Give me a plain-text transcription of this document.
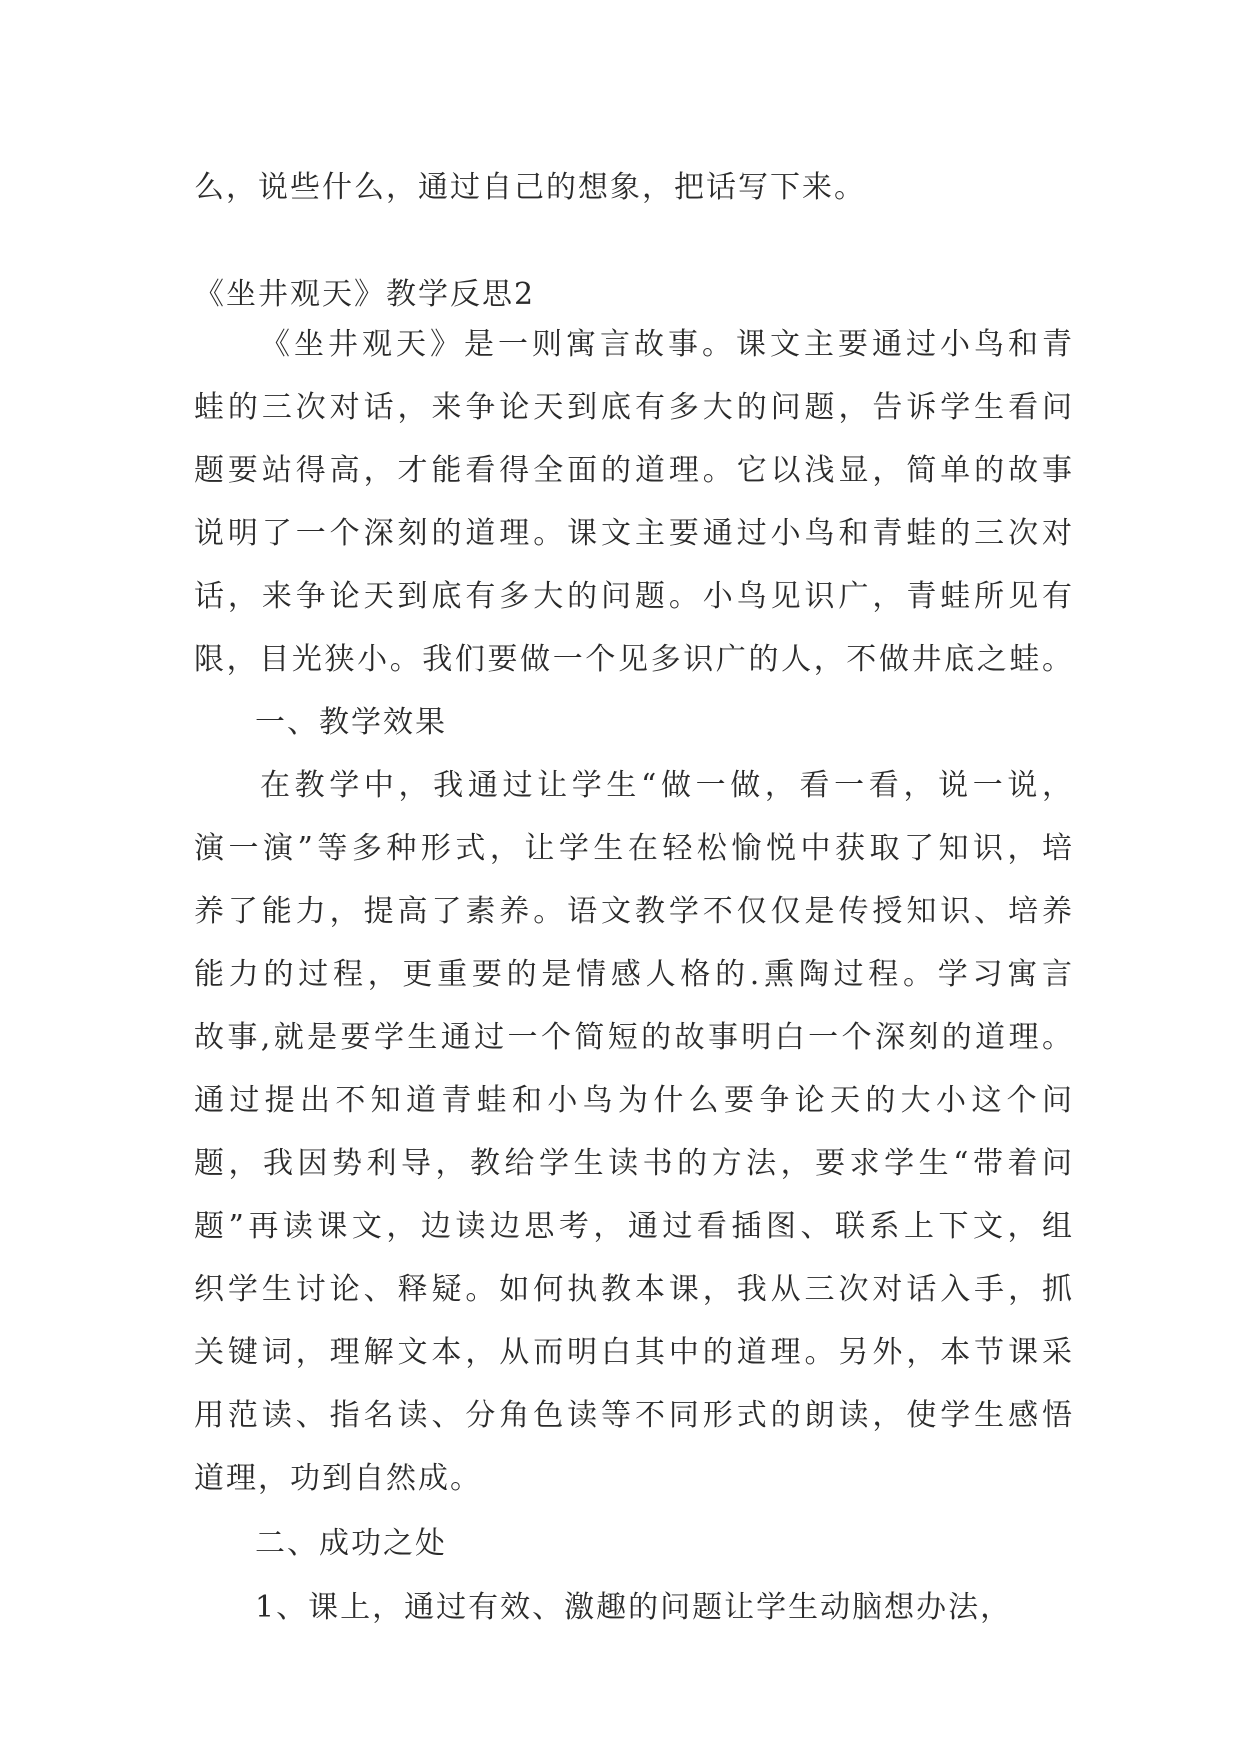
么，说些什么，通过自己的想象，把话写下来。
《坐井观天》教学反思2
《坐井观天》是一则寓言故事。课文主要通过小鸟和青
蛙的三次对话，来争论天到底有多大的问题，告诉学生看问
题要站得高，才能看得全面的道理。它以浅显，简单的故事
说明了一个深刻的道理。课文主要通过小鸟和青蛙的三次对
话，来争论天到底有多大的问题。小鸟见识广，青蛙所见有
限，目光狭小。我们要做一个见多识广的人，不做井底之蛙。
一、教学效果
在教学中，我通过让学生“做一做，看一看，说一说，
演一演”等多种形式，让学生在轻松愉悦中获取了知识，培
养了能力，提高了素养。语文教学不仅仅是传授知识、培养
能力的过程，更重要的是情感人格的.熏陶过程。学习寓言
故事,就是要学生通过一个简短的故事明白一个深刻的道理。
通过提出不知道青蛙和小鸟为什么要争论天的大小这个问
题，我因势利导，教给学生读书的方法，要求学生“带着问
题”再读课文，边读边思考，通过看插图、联系上下文，组
织学生讨论、释疑。如何执教本课，我从三次对话入手，抓
关键词，理解文本，从而明白其中的道理。另外，本节课采
用范读、指名读、分角色读等不同形式的朗读，使学生感悟
道理，功到自然成。
二、成功之处
1、课上，通过有效、激趣的问题让学生动脑想办法，
